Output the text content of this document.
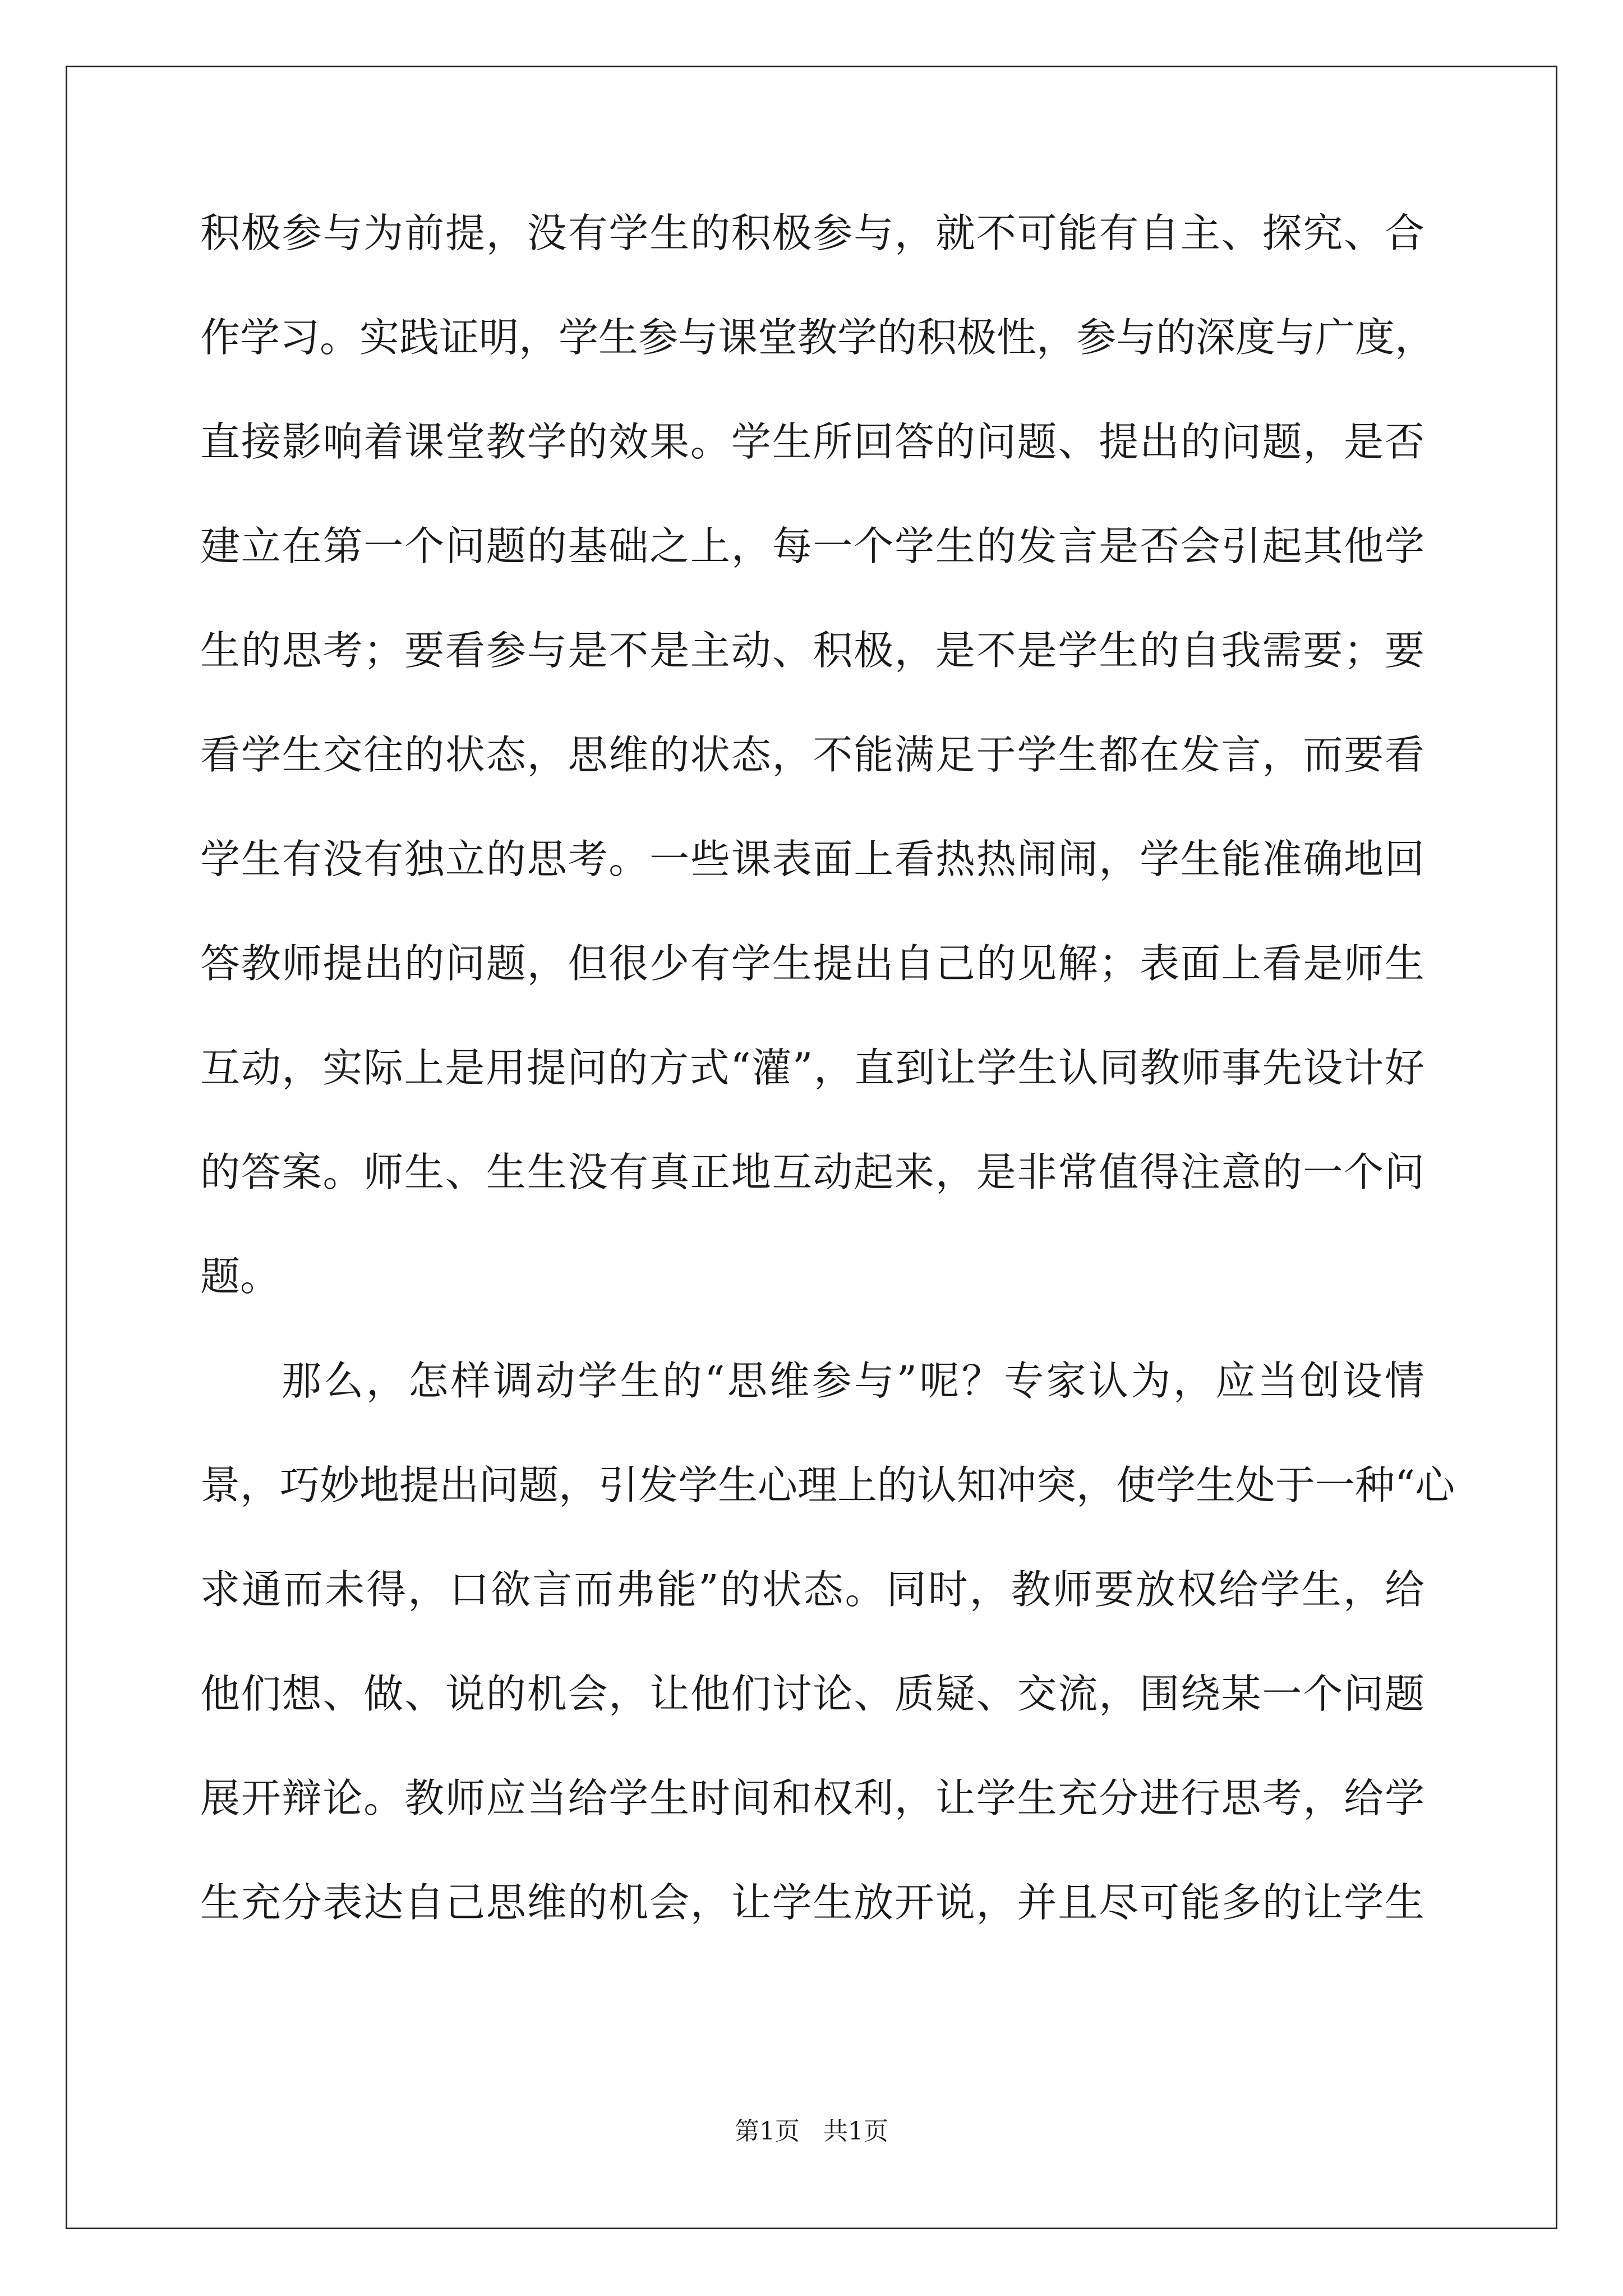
积极参与为前提，没有学生的积极参与，就不可能有自主、探究、合
作学习。实践证明，学生参与课堂教学的积极性，参与的深度与广度，
直接影响着课堂教学的效果。学生所回答的问题、提出的问题，是否
建立在第一个问题的基础之上，每一个学生的发言是否会引起其他学
生的思考；要看参与是不是主动、积极，是不是学生的自我需要；要
看学生交往的状态，思维的状态，不能满足于学生都在发言，而要看
学生有没有独立的思考。一些课表面上看热热闹闹，学生能准确地回
答教师提出的问题，但很少有学生提出自己的见解；表面上看是师生
互动，实际上是用提问的方式“灌”，直到让学生认同教师事先设计好
的答案。师生、生生没有真正地互动起来，是非常值得注意的一个问
题。
那么，怎样调动学生的“思维参与”呢？专家认为，应当创设情
景，巧妙地提出问题，引发学生心理上的认知冲突，使学生处于一种“心
求通而未得，口欲言而弗能”的状态。同时，教师要放权给学生，给
他们想、做、说的机会，让他们讨论、质疑、交流，围绕某一个问题
展开辩论。教师应当给学生时间和权利，让学生充分进行思考，给学
生充分表达自己思维的机会，让学生放开说，并且尽可能多的让学生
第1页   共1页
